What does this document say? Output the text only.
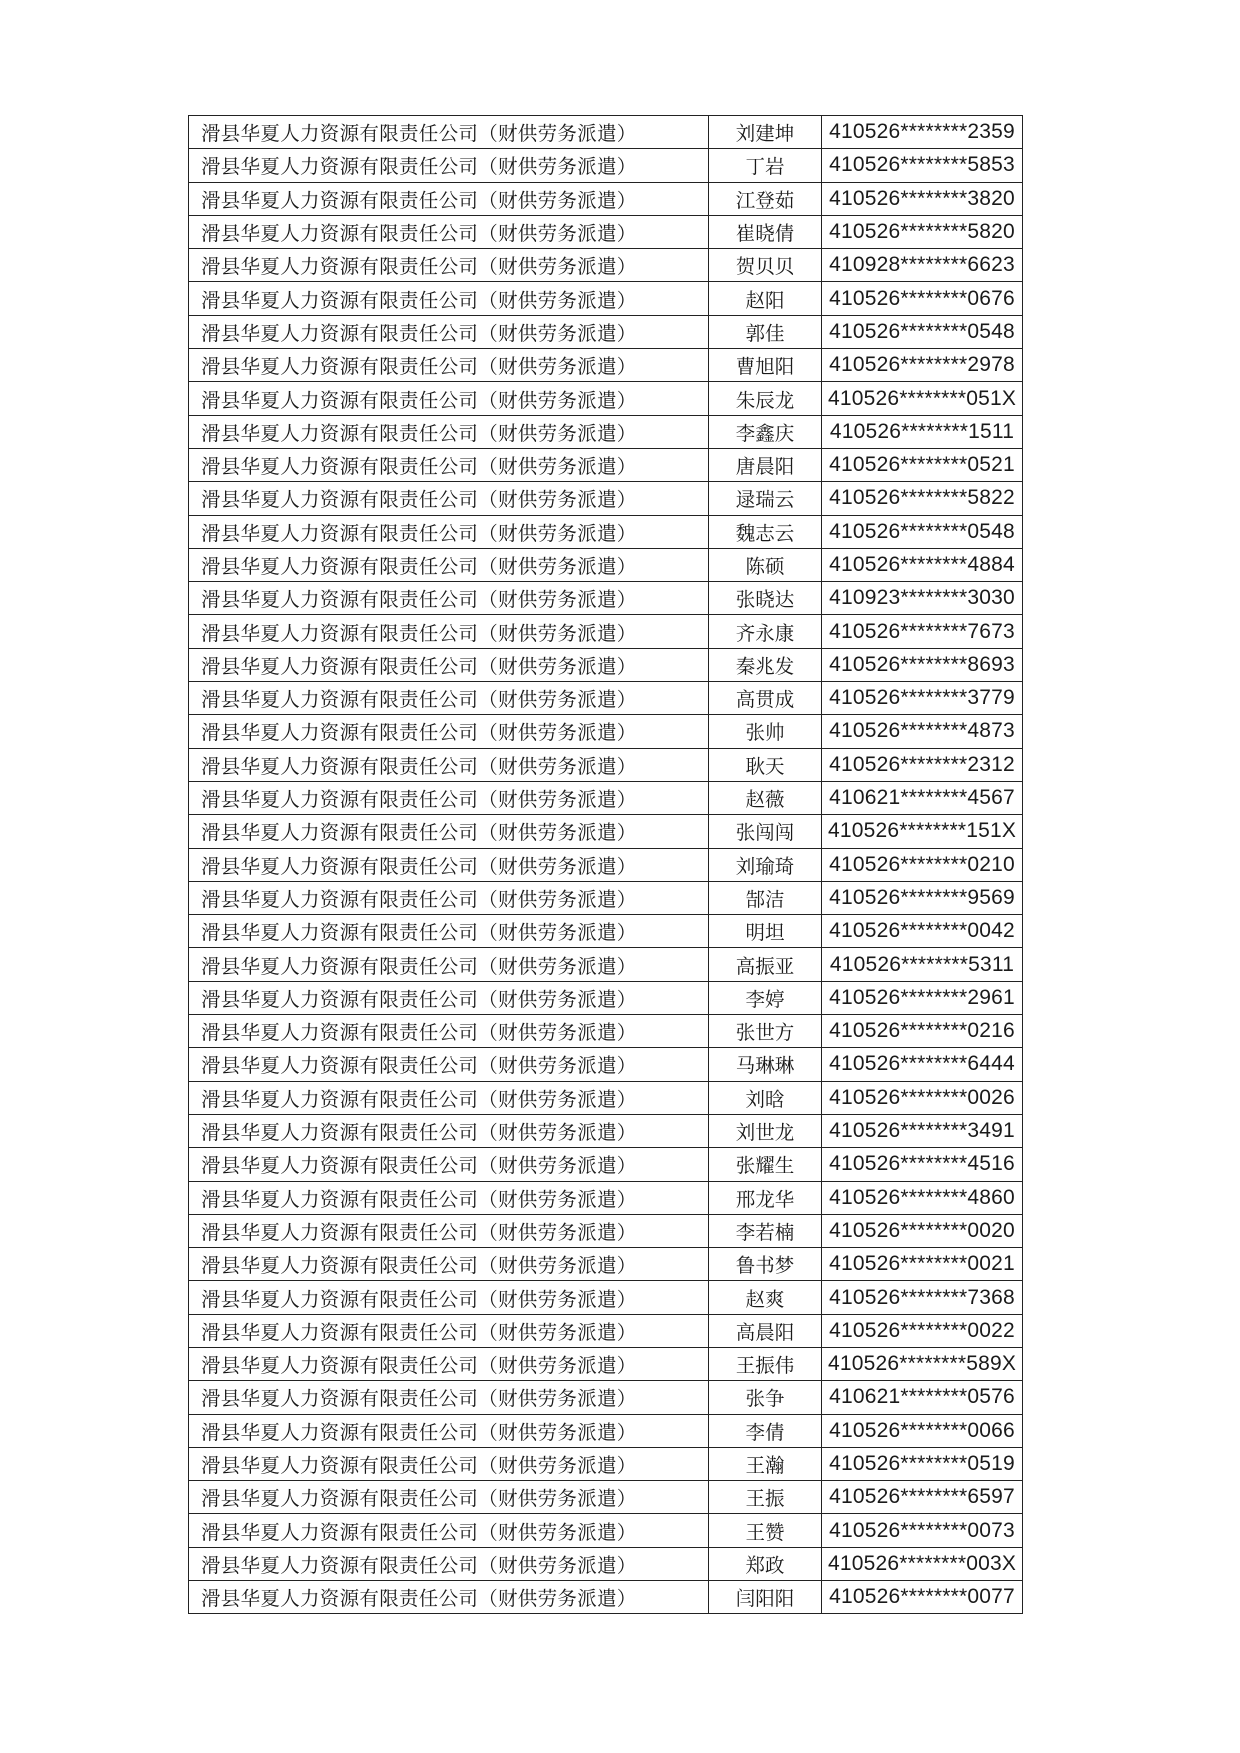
滑县华夏人力资源有限责任公司（财供劳务派遣）	刘建坤	410526********2359
滑县华夏人力资源有限责任公司（财供劳务派遣）	丁岩	410526********5853
滑县华夏人力资源有限责任公司（财供劳务派遣）	江登茹	410526********3820
滑县华夏人力资源有限责任公司（财供劳务派遣）	崔晓倩	410526********5820
滑县华夏人力资源有限责任公司（财供劳务派遣）	贺贝贝	410928********6623
滑县华夏人力资源有限责任公司（财供劳务派遣）	赵阳	410526********0676
滑县华夏人力资源有限责任公司（财供劳务派遣）	郭佳	410526********0548
滑县华夏人力资源有限责任公司（财供劳务派遣）	曹旭阳	410526********2978
滑县华夏人力资源有限责任公司（财供劳务派遣）	朱辰龙	410526********051X
滑县华夏人力资源有限责任公司（财供劳务派遣）	李鑫庆	410526********1511
滑县华夏人力资源有限责任公司（财供劳务派遣）	唐晨阳	410526********0521
滑县华夏人力资源有限责任公司（财供劳务派遣）	逯瑞云	410526********5822
滑县华夏人力资源有限责任公司（财供劳务派遣）	魏志云	410526********0548
滑县华夏人力资源有限责任公司（财供劳务派遣）	陈硕	410526********4884
滑县华夏人力资源有限责任公司（财供劳务派遣）	张晓达	410923********3030
滑县华夏人力资源有限责任公司（财供劳务派遣）	齐永康	410526********7673
滑县华夏人力资源有限责任公司（财供劳务派遣）	秦兆发	410526********8693
滑县华夏人力资源有限责任公司（财供劳务派遣）	高贯成	410526********3779
滑县华夏人力资源有限责任公司（财供劳务派遣）	张帅	410526********4873
滑县华夏人力资源有限责任公司（财供劳务派遣）	耿天	410526********2312
滑县华夏人力资源有限责任公司（财供劳务派遣）	赵薇	410621********4567
滑县华夏人力资源有限责任公司（财供劳务派遣）	张闯闯	410526********151X
滑县华夏人力资源有限责任公司（财供劳务派遣）	刘瑜琦	410526********0210
滑县华夏人力资源有限责任公司（财供劳务派遣）	郜洁	410526********9569
滑县华夏人力资源有限责任公司（财供劳务派遣）	明坦	410526********0042
滑县华夏人力资源有限责任公司（财供劳务派遣）	高振亚	410526********5311
滑县华夏人力资源有限责任公司（财供劳务派遣）	李婷	410526********2961
滑县华夏人力资源有限责任公司（财供劳务派遣）	张世方	410526********0216
滑县华夏人力资源有限责任公司（财供劳务派遣）	马琳琳	410526********6444
滑县华夏人力资源有限责任公司（财供劳务派遣）	刘晗	410526********0026
滑县华夏人力资源有限责任公司（财供劳务派遣）	刘世龙	410526********3491
滑县华夏人力资源有限责任公司（财供劳务派遣）	张耀生	410526********4516
滑县华夏人力资源有限责任公司（财供劳务派遣）	邢龙华	410526********4860
滑县华夏人力资源有限责任公司（财供劳务派遣）	李若楠	410526********0020
滑县华夏人力资源有限责任公司（财供劳务派遣）	鲁书梦	410526********0021
滑县华夏人力资源有限责任公司（财供劳务派遣）	赵爽	410526********7368
滑县华夏人力资源有限责任公司（财供劳务派遣）	高晨阳	410526********0022
滑县华夏人力资源有限责任公司（财供劳务派遣）	王振伟	410526********589X
滑县华夏人力资源有限责任公司（财供劳务派遣）	张争	410621********0576
滑县华夏人力资源有限责任公司（财供劳务派遣）	李倩	410526********0066
滑县华夏人力资源有限责任公司（财供劳务派遣）	王瀚	410526********0519
滑县华夏人力资源有限责任公司（财供劳务派遣）	王振	410526********6597
滑县华夏人力资源有限责任公司（财供劳务派遣）	王赞	410526********0073
滑县华夏人力资源有限责任公司（财供劳务派遣）	郑政	410526********003X
滑县华夏人力资源有限责任公司（财供劳务派遣）	闫阳阳	410526********0077
